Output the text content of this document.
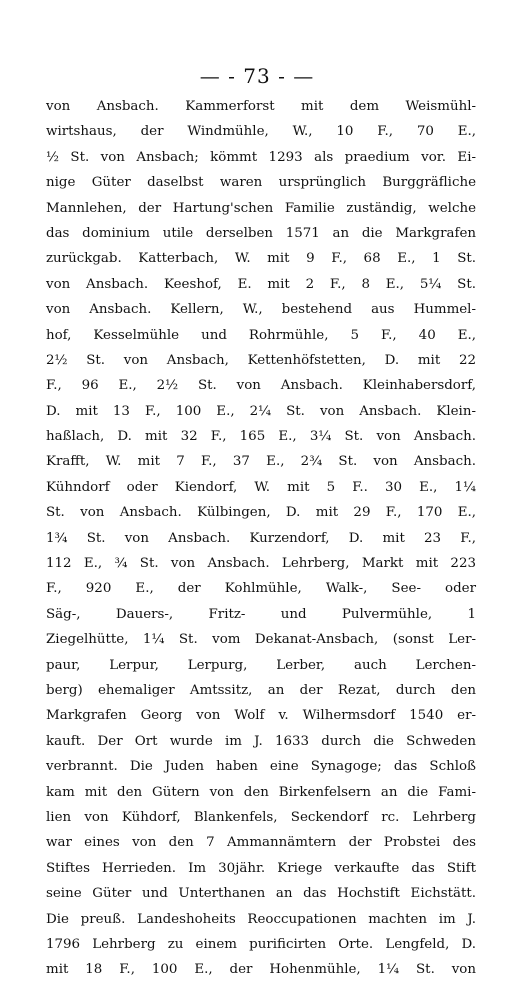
— - 73 - —
von Ansbach. Kammerforst mit dem Weismühl-
wirtshaus, der Windmühle, W., 10 F., 70 E.,
½ St. von Ansbach; kömmt 1293 als praedium vor. Ei-
nige Güter daselbst waren ursprünglich Burggräfliche
Mannlehen, der Hartung'schen Familie zuständig, welche
das dominium utile derselben 1571 an die Markgrafen
zurückgab. Katterbach, W. mit 9 F., 68 E., 1 St.
von Ansbach. Keeshof, E. mit 2 F., 8 E., 5¼ St.
von Ansbach. Kellern, W., bestehend aus Hummel-
hof, Kesselmühle und Rohrmühle, 5 F., 40 E.,
2½ St. von Ansbach, Kettenhöfstetten, D. mit 22
F., 96 E., 2½ St. von Ansbach. Kleinhabersdorf,
D. mit 13 F., 100 E., 2¼ St. von Ansbach. Klein-
haßlach, D. mit 32 F., 165 E., 3¼ St. von Ansbach.
Krafft, W. mit 7 F., 37 E., 2¾ St. von Ansbach.
Kühndorf oder Kiendorf, W. mit 5 F.. 30 E., 1¼
St. von Ansbach. Külbingen, D. mit 29 F., 170 E.,
1¾ St. von Ansbach. Kurzendorf, D. mit 23 F.,
112 E., ¾ St. von Ansbach. Lehrberg, Markt mit 223
F., 920 E., der Kohlmühle, Walk-, See- oder
Säg-, Dauers-, Fritz- und Pulvermühle, 1
Ziegelhütte, 1¼ St. vom Dekanat-Ansbach, (sonst Ler-
paur, Lerpur, Lerpurg, Lerber, auch Lerchen-
berg) ehemaliger Amtssitz, an der Rezat, durch den
Markgrafen Georg von Wolf v. Wilhermsdorf 1540 er-
kauft. Der Ort wurde im J. 1633 durch die Schweden
verbrannt. Die Juden haben eine Synagoge; das Schloß
kam mit den Gütern von den Birkenfelsern an die Fami-
lien von Kühdorf, Blankenfels, Seckendorf rc. Lehrberg
war eines von den 7 Ammannämtern der Probstei des
Stiftes Herrieden. Im 30jähr. Kriege verkaufte das Stift
seine Güter und Unterthanen an das Hochstift Eichstätt.
Die preuß. Landeshoheits Reoccupationen machten im J.
1796 Lehrberg zu einem purificirten Orte. Lengfeld, D.
mit 18 F., 100 E., der Hohenmühle, 1¼ St. von
